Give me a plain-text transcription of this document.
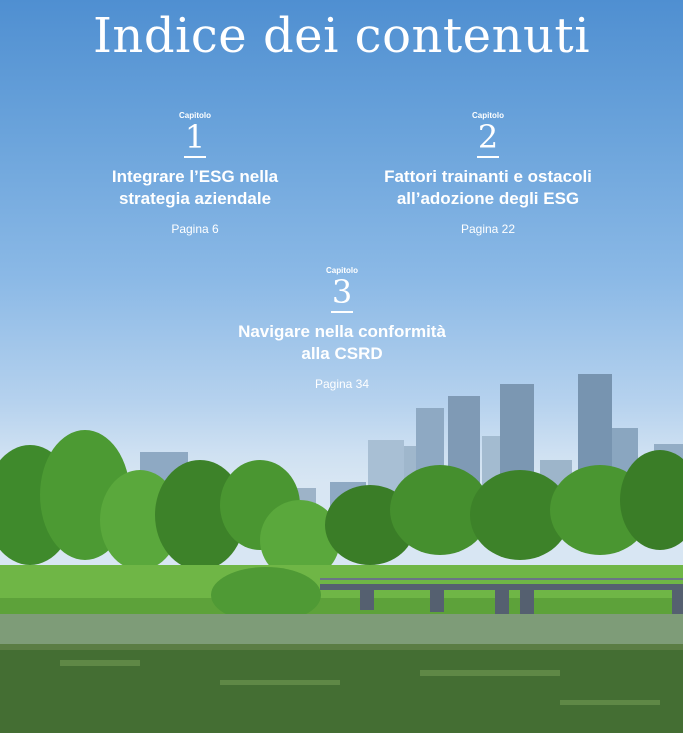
Indice dei contenuti
Capitolo
1
Integrare l’ESG nella
strategia aziendale
Pagina 6
Capitolo
2
Fattori trainanti e ostacoli
all’adozione degli ESG
Pagina 22
Capitolo
3
Navigare nella conformità
alla CSRD
Pagina 34
